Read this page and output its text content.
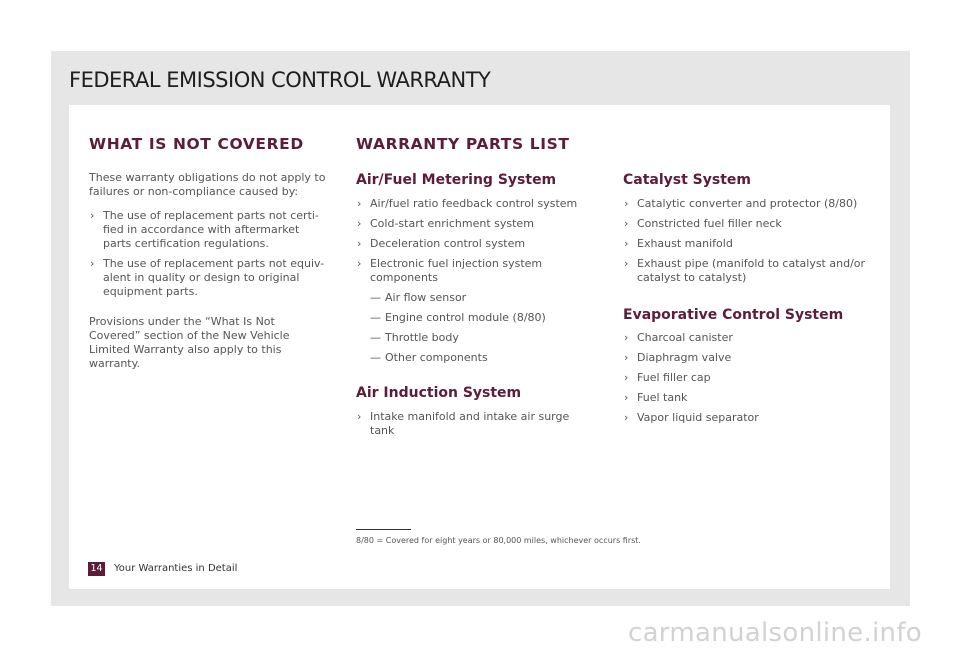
FEDERAL EMISSION CONTROL WARRANTY
WHAT IS NOT COVERED
These warranty obligations do not apply to failures or non-compliance caused by:
› The use of replacement parts not certi-fied in accordance with aftermarket parts certification regulations.
› The use of replacement parts not equiv-alent in quality or design to original equipment parts.
Provisions under the “What Is Not Covered” section of the New Vehicle Limited Warranty also apply to this warranty.
WARRANTY PARTS LIST
Air/Fuel Metering System
› Air/fuel ratio feedback control system
› Cold-start enrichment system
› Deceleration control system
› Electronic fuel injection system components
— Air flow sensor
— Engine control module (8/80)
— Throttle body
— Other components
Air Induction System
› Intake manifold and intake air surge tank
Catalyst System
› Catalytic converter and protector (8/80)
› Constricted fuel filler neck
› Exhaust manifold
› Exhaust pipe (manifold to catalyst and/or catalyst to catalyst)
Evaporative Control System
› Charcoal canister
› Diaphragm valve
› Fuel filler cap
› Fuel tank
› Vapor liquid separator
8/80 = Covered for eight years or 80,000 miles, whichever occurs first.
14 Your Warranties in Detail
carmanualsonline.info
